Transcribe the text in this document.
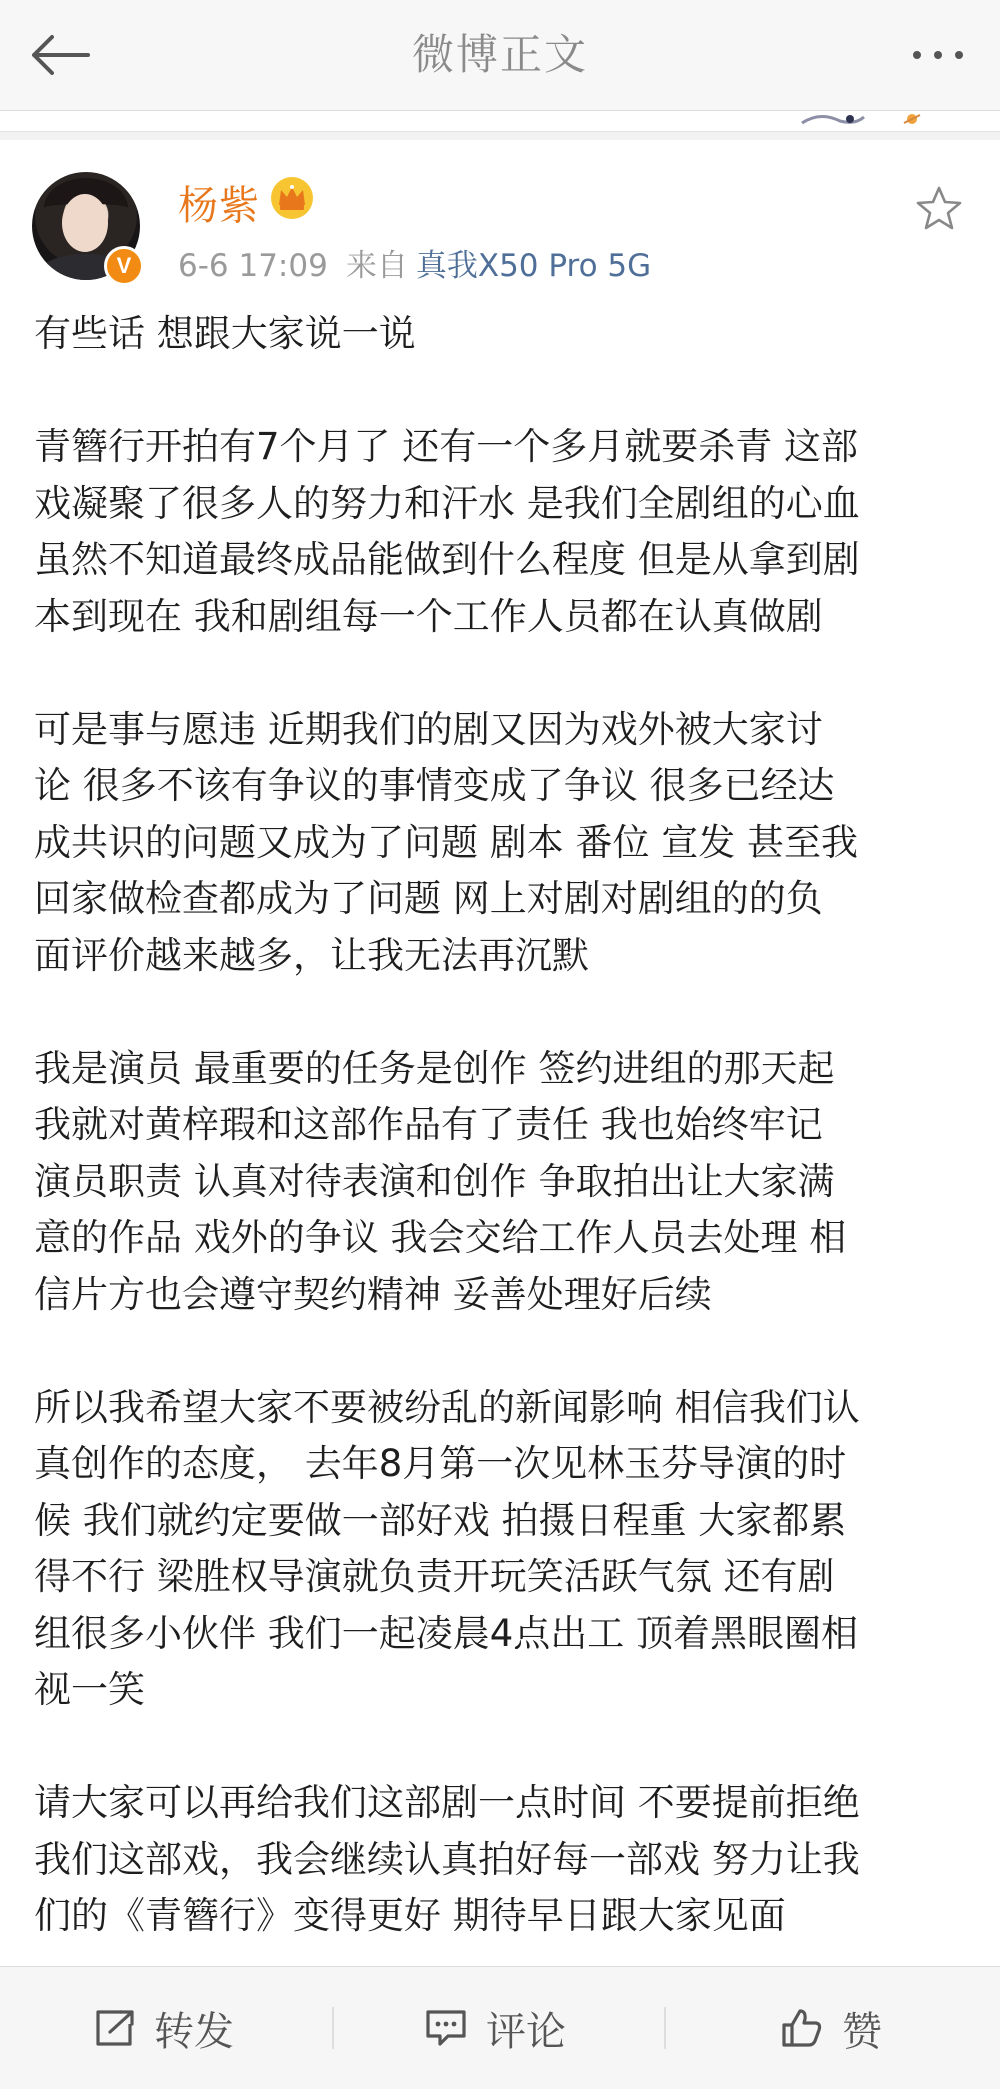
微博正文
V
杨紫
6-6 17:09 来自 真我X50 Pro 5G

有些话 想跟大家说一说

青簪行开拍有7个月了 还有一个多月就要杀青 这部

戏凝聚了很多人的努力和汗水 是我们全剧组的心血

虽然不知道最终成品能做到什么程度 但是从拿到剧

本到现在 我和剧组每一个工作人员都在认真做剧

可是事与愿违 近期我们的剧又因为戏外被大家讨

论 很多不该有争议的事情变成了争议 很多已经达

成共识的问题又成为了问题 剧本 番位 宣发 甚至我

回家做检查都成为了问题 网上对剧对剧组的的负

面评价越来越多，让我无法再沉默

我是演员 最重要的任务是创作 签约进组的那天起

我就对黄梓瑕和这部作品有了责任 我也始终牢记

演员职责 认真对待表演和创作 争取拍出让大家满

意的作品 戏外的争议 我会交给工作人员去处理 相

信片方也会遵守契约精神 妥善处理好后续

所以我希望大家不要被纷乱的新闻影响 相信我们认

真创作的态度， 去年8月第一次见林玉芬导演的时

候 我们就约定要做一部好戏 拍摄日程重 大家都累

得不行 梁胜权导演就负责开玩笑活跃气氛 还有剧

组很多小伙伴 我们一起凌晨4点出工 顶着黑眼圈相

视一笑

请大家可以再给我们这部剧一点时间 不要提前拒绝

我们这部戏，我会继续认真拍好每一部戏 努力让我

们的《青簪行》变得更好 期待早日跟大家见面

转发	评论	赞
